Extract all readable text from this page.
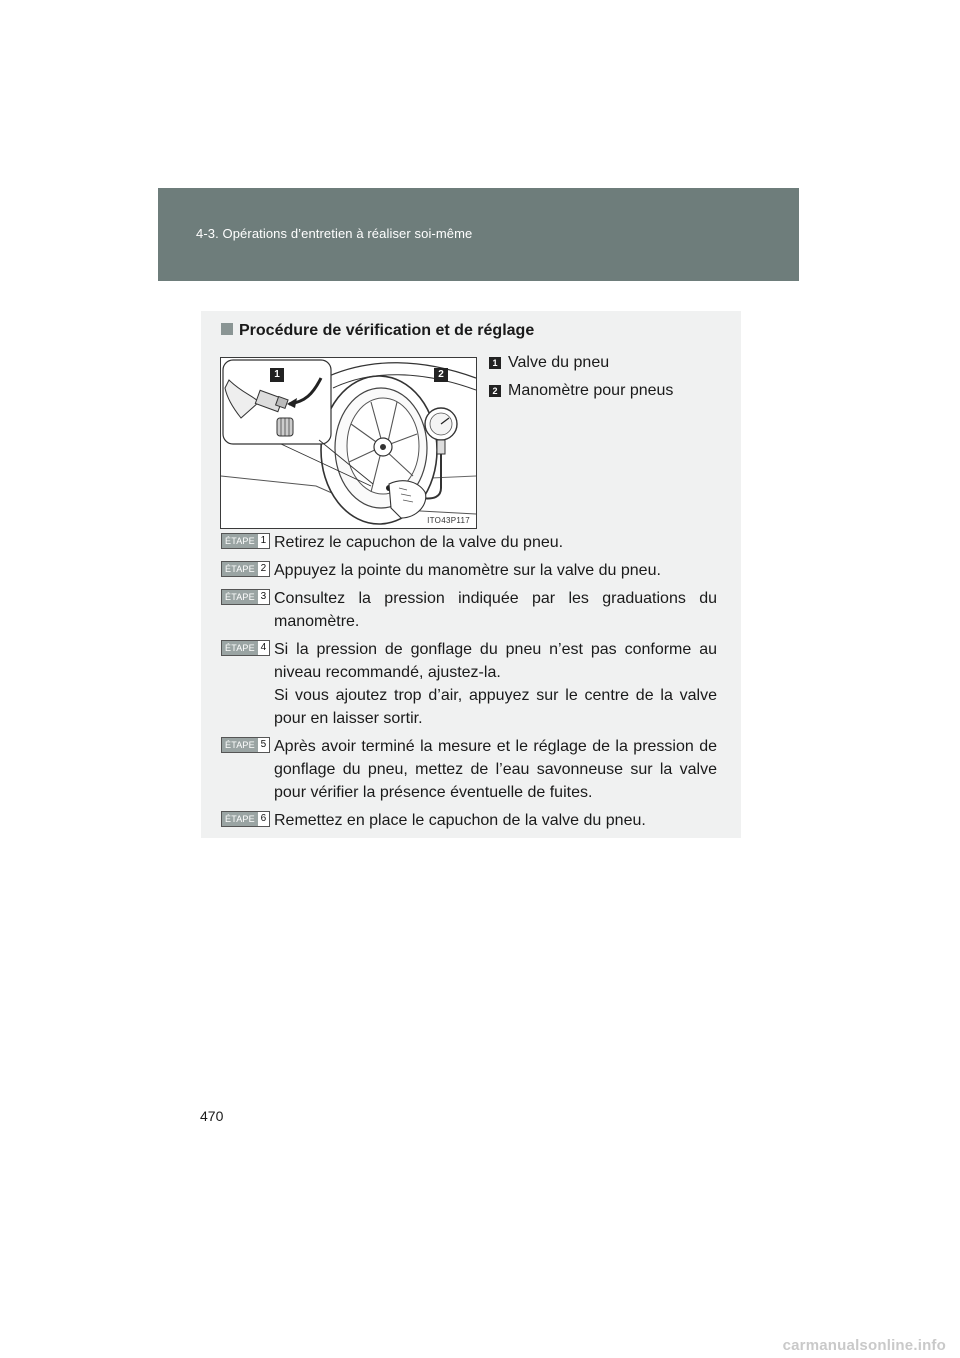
4-3. Opérations d’entretien à réaliser soi-même
Procédure de vérification et de réglage
1	2
ITO43P117
1 Valve du pneu
2 Manomètre pour pneus
ÉTAPE 1 Retirez le capuchon de la valve du pneu.
ÉTAPE 2 Appuyez la pointe du manomètre sur la valve du pneu.
ÉTAPE 3 Consultez la pression indiquée par les graduations du manomètre.
ÉTAPE 4 Si la pression de gonflage du pneu n’est pas conforme au niveau recommandé, ajustez-la.
Si vous ajoutez trop d’air, appuyez sur le centre de la valve pour en laisser sortir.
ÉTAPE 5 Après avoir terminé la mesure et le réglage de la pression de gonflage du pneu, mettez de l’eau savonneuse sur la valve pour vérifier la présence éventuelle de fuites.
ÉTAPE 6 Remettez en place le capuchon de la valve du pneu.
470
carmanualsonline.info
